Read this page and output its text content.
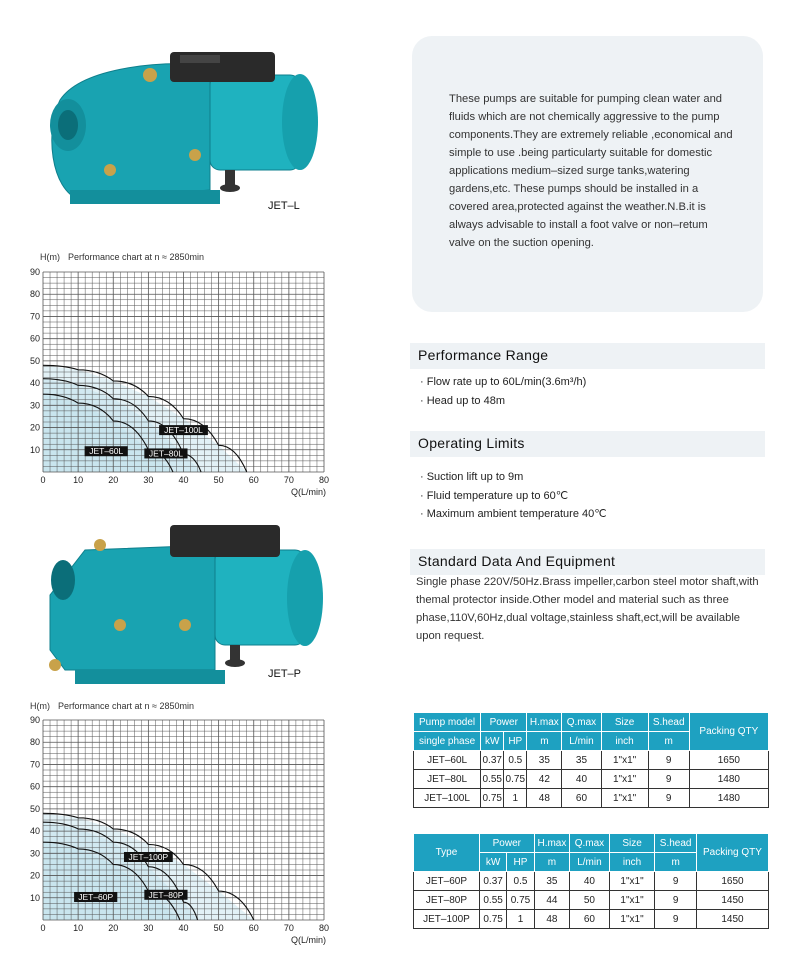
JET–L
H(m) Performance chart at n ≈ 2850min
0	10	20	30	40	50	60	70	80
10
20
30
40
50
60
70
80
90
Q(L/min)
JET–100L
JET–80L
JET–60L
JET–P
H(m) Performance chart at n ≈ 2850min
0	10	20	30	40	50	60	70	80
10
20
30
40
50
60
70
80
90
Q(L/min)
JET–100P
JET–80P
JET–60P
These pumps are suitable for pumping clean water and fluids which are not chemically aggressive to the pump components.They are extremely reliable ,economical and simple to use .being particularty suitable for domestic applications medium–sized surge tanks,watering gardens,etc. These pumps should be installed in a covered area,protected against the weather.N.B.it is always advisable to install a foot valve or non–retum valve on the suction opening.
Performance Range
· Flow rate up to 60L/min(3.6m³/h)
· Head up to 48m
Operating Limits
· Suction lift up to 9m
· Fluid temperature up to 60℃
· Maximum ambient temperature 40℃
Standard Data And Equipment
Single phase 220V/50Hz.Brass impeller,carbon steel motor shaft,with themal protector inside.Other model and material such as three phase,110V,60Hz,dual voltage,stainless shaft,ect,will be available upon request.
Pump model	Power		H.max	Q.max	Size	S.head	Packing QTY
single phase	kW	HP	m	L/min	inch	m	
JET–60L	0.37	0.5	35	35	1"x1"	9	1650
JET–80L	0.55	0.75	42	40	1"x1"	9	1480
JET–100L	0.75	1	48	60	1"x1"	9	1480
Type	Power		H.max	Q.max	Size	S.head	Packing QTY
	kW	HP	m	L/min	inch	m	
JET–60P	0.37	0.5	35	40	1"x1"	9	1650
JET–80P	0.55	0.75	44	50	1"x1"	9	1450
JET–100P	0.75	1	48	60	1"x1"	9	1450
